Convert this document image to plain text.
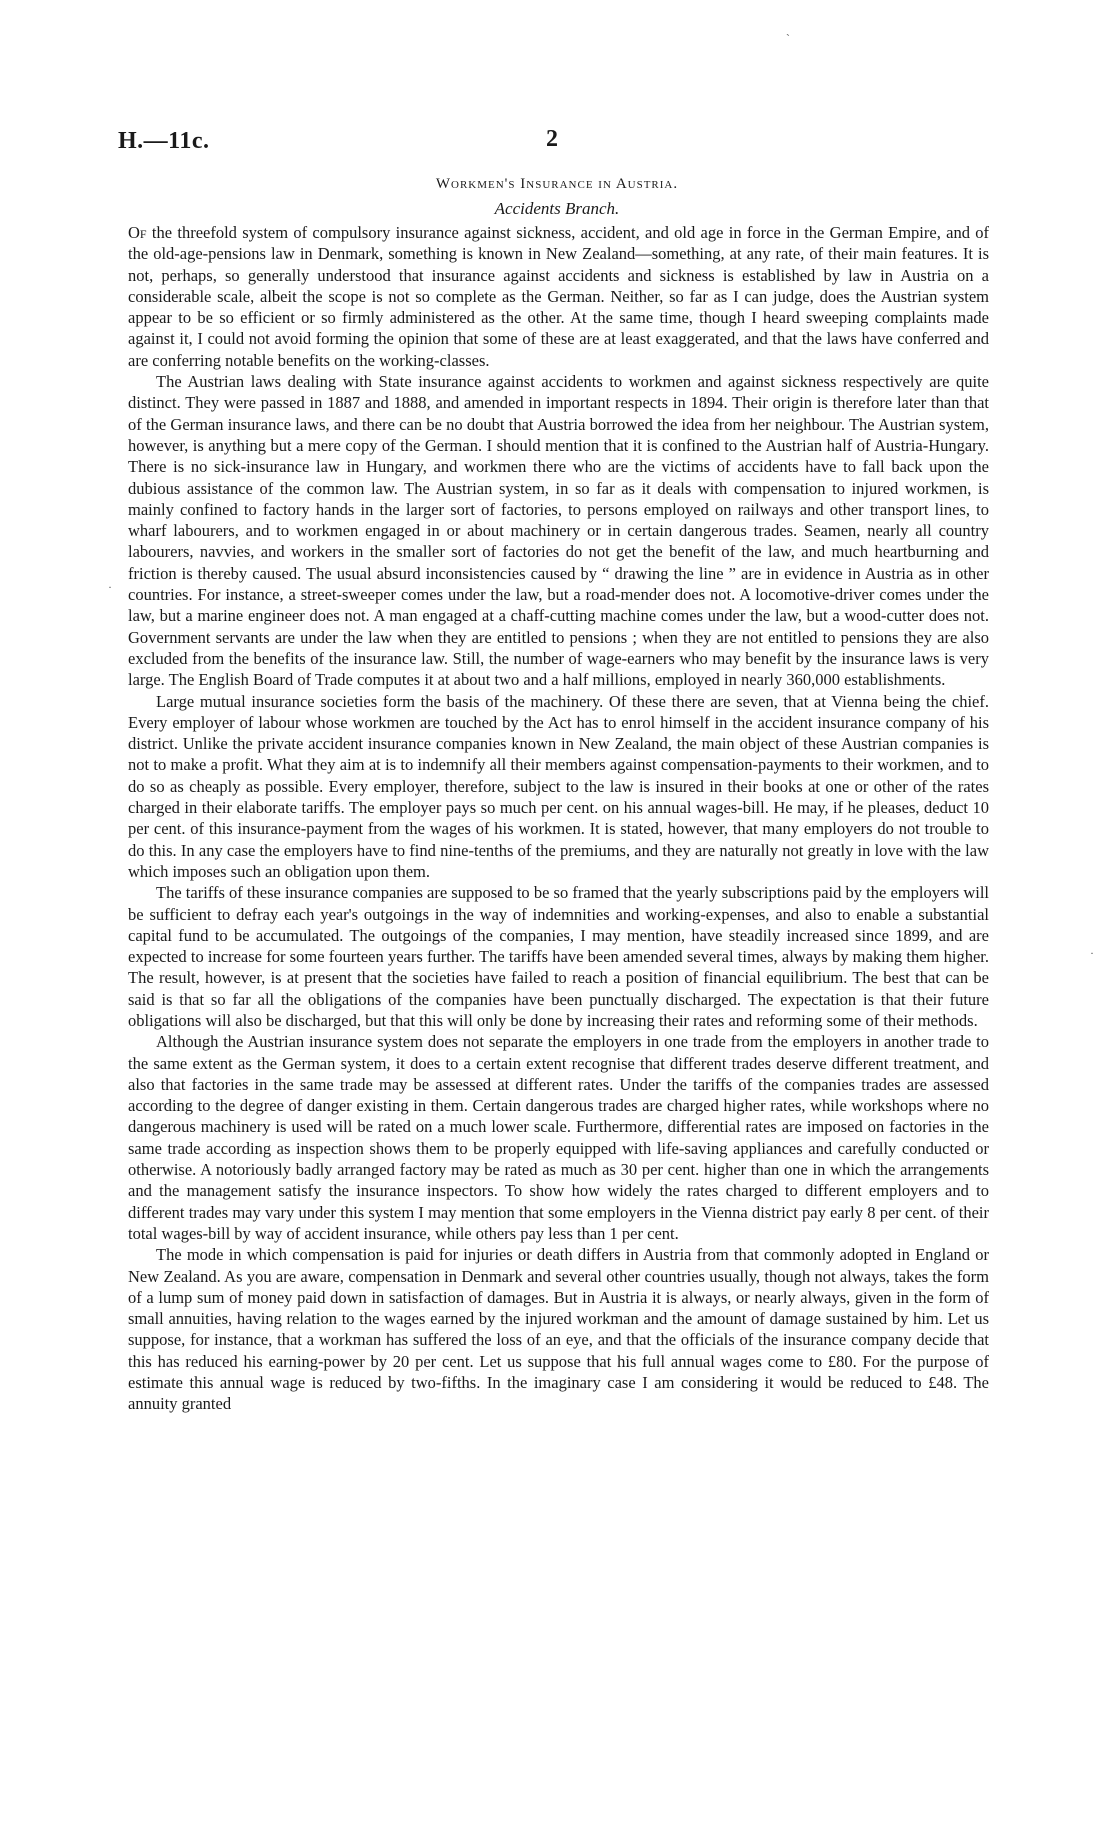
H.—11c.	2
Workmen's Insurance in Austria.
Accidents Branch.

Of the threefold system of compulsory insurance against sickness, accident, and old age in force in the German Empire, and of the old-age-pensions law in Denmark, something is known in New Zealand—something, at any rate, of their main features. It is not, perhaps, so generally understood that insurance against accidents and sickness is established by law in Austria on a considerable scale, albeit the scope is not so complete as the German. Neither, so far as I can judge, does the Austrian system appear to be so efficient or so firmly administered as the other. At the same time, though I heard sweeping complaints made against it, I could not avoid forming the opinion that some of these are at least exaggerated, and that the laws have conferred and are conferring notable benefits on the working-classes.

The Austrian laws dealing with State insurance against accidents to workmen and against sickness respectively are quite distinct. They were passed in 1887 and 1888, and amended in important respects in 1894. Their origin is therefore later than that of the German insurance laws, and there can be no doubt that Austria borrowed the idea from her neighbour. The Austrian system, however, is anything but a mere copy of the German. I should mention that it is confined to the Austrian half of Austria-Hungary. There is no sick-insurance law in Hungary, and workmen there who are the victims of accidents have to fall back upon the dubious assistance of the common law. The Austrian system, in so far as it deals with compensation to injured workmen, is mainly confined to factory hands in the larger sort of factories, to persons employed on railways and other transport lines, to wharf labourers, and to workmen engaged in or about machinery or in certain dangerous trades. Seamen, nearly all country labourers, navvies, and workers in the smaller sort of factories do not get the benefit of the law, and much heartburning and friction is thereby caused. The usual absurd inconsistencies caused by “ drawing the line ” are in evidence in Austria as in other countries. For instance, a street-sweeper comes under the law, but a road-mender does not. A locomotive-driver comes under the law, but a marine engineer does not. A man engaged at a chaff-cutting machine comes under the law, but a wood-cutter does not. Government servants are under the law when they are entitled to pensions ; when they are not entitled to pensions they are also excluded from the benefits of the insurance law. Still, the number of wage-earners who may benefit by the insurance laws is very large. The English Board of Trade computes it at about two and a half millions, employed in nearly 360,000 establishments.

Large mutual insurance societies form the basis of the machinery. Of these there are seven, that at Vienna being the chief. Every employer of labour whose workmen are touched by the Act has to enrol himself in the accident insurance company of his district. Unlike the private accident insurance companies known in New Zealand, the main object of these Austrian companies is not to make a profit. What they aim at is to indemnify all their members against compensation-payments to their workmen, and to do so as cheaply as possible. Every employer, therefore, subject to the law is insured in their books at one or other of the rates charged in their elaborate tariffs. The employer pays so much per cent. on his annual wages-bill. He may, if he pleases, deduct 10 per cent. of this insurance-payment from the wages of his workmen. It is stated, however, that many employers do not trouble to do this. In any case the employers have to find nine-tenths of the premiums, and they are naturally not greatly in love with the law which imposes such an obligation upon them.

The tariffs of these insurance companies are supposed to be so framed that the yearly subscriptions paid by the employers will be sufficient to defray each year's outgoings in the way of indemnities and working-expenses, and also to enable a substantial capital fund to be accumulated. The outgoings of the companies, I may mention, have steadily increased since 1899, and are expected to increase for some fourteen years further. The tariffs have been amended several times, always by making them higher. The result, however, is at present that the societies have failed to reach a position of financial equilibrium. The best that can be said is that so far all the obligations of the companies have been punctually discharged. The expectation is that their future obligations will also be discharged, but that this will only be done by increasing their rates and reforming some of their methods.

Although the Austrian insurance system does not separate the employers in one trade from the employers in another trade to the same extent as the German system, it does to a certain extent recognise that different trades deserve different treatment, and also that factories in the same trade may be assessed at different rates. Under the tariffs of the companies trades are assessed according to the degree of danger existing in them. Certain dangerous trades are charged higher rates, while workshops where no dangerous machinery is used will be rated on a much lower scale. Furthermore, differential rates are imposed on factories in the same trade according as inspection shows them to be properly equipped with life-saving appliances and carefully conducted or otherwise. A notoriously badly arranged factory may be rated as much as 30 per cent. higher than one in which the arrangements and the management satisfy the insurance inspectors. To show how widely the rates charged to different employers and to different trades may vary under this system I may mention that some employers in the Vienna district pay early 8 per cent. of their total wages-bill by way of accident insurance, while others pay less than 1 per cent.

The mode in which compensation is paid for injuries or death differs in Austria from that commonly adopted in England or New Zealand. As you are aware, compensation in Denmark and several other countries usually, though not always, takes the form of a lump sum of money paid down in satisfaction of damages. But in Austria it is always, or nearly always, given in the form of small annuities, having relation to the wages earned by the injured workman and the amount of damage sustained by him. Let us suppose, for instance, that a workman has suffered the loss of an eye, and that the officials of the insurance company decide that this has reduced his earning-power by 20 per cent. Let us suppose that his full annual wages come to £80. For the purpose of estimate this annual wage is reduced by two-fifths. In the imaginary case I am considering it would be reduced to £48. The annuity granted

˴
·
·
